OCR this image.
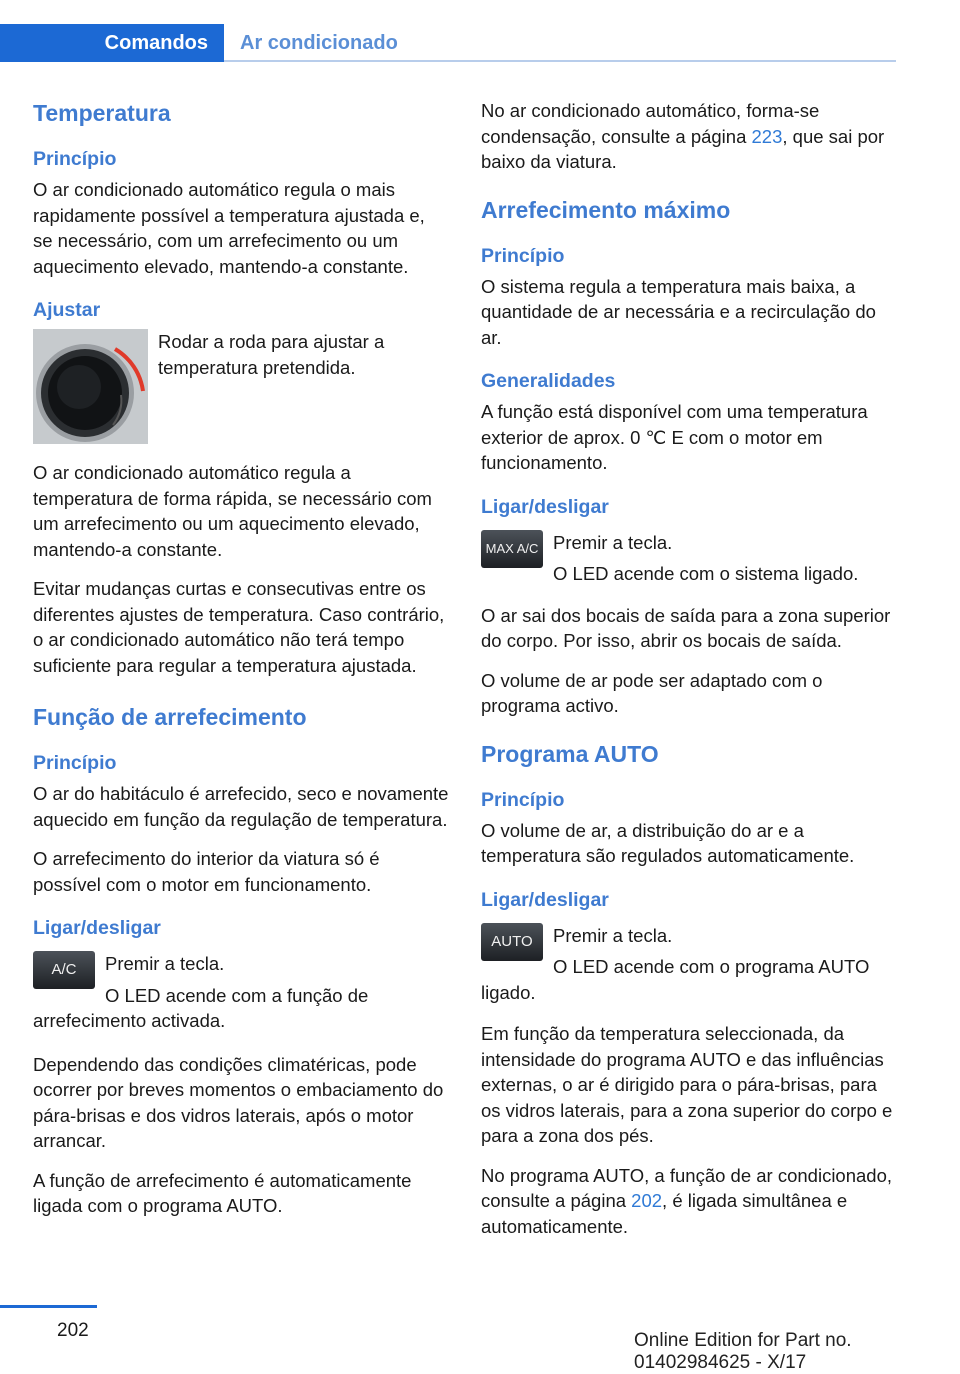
Comandos	Ar condicionado
Temperatura
Princípio
O ar condicionado automático regula o mais rapidamente possível a temperatura ajustada e, se necessário, com um arrefecimento ou um aquecimento elevado, mantendo-a constante.
Ajustar
Rodar a roda para ajustar a temperatura pretendida.
O ar condicionado automático regula a temperatura de forma rápida, se necessário com um arrefecimento ou um aquecimento elevado, mantendo-a constante.
Evitar mudanças curtas e consecutivas entre os diferentes ajustes de temperatura. Caso contrário, o ar condicionado automático não terá tempo suficiente para regular a temperatura ajustada.
Função de arrefecimento
Princípio
O ar do habitáculo é arrefecido, seco e novamente aquecido em função da regulação de temperatura.
O arrefecimento do interior da viatura só é possível com o motor em funcionamento.
Ligar/desligar
A/C	Premir a tecla.
O LED acende com a função de arrefecimento activada.
Dependendo das condições climatéricas, pode ocorrer por breves momentos o embaciamento do pára-brisas e dos vidros laterais, após o motor arrancar.
A função de arrefecimento é automaticamente ligada com o programa AUTO.
No ar condicionado automático, forma-se condensação, consulte a página 223, que sai por baixo da viatura.
Arrefecimento máximo
Princípio
O sistema regula a temperatura mais baixa, a quantidade de ar necessária e a recirculação do ar.
Generalidades
A função está disponível com uma temperatura exterior de aprox. 0 ℃ E com o motor em funcionamento.
Ligar/desligar
MAX A/C Premir a tecla.
O LED acende com o sistema ligado.
O ar sai dos bocais de saída para a zona superior do corpo. Por isso, abrir os bocais de saída.
O volume de ar pode ser adaptado com o programa activo.
Programa AUTO
Princípio
O volume de ar, a distribuição do ar e a temperatura são regulados automaticamente.
Ligar/desligar
AUTO	Premir a tecla.
O LED acende com o programa AUTO ligado.
Em função da temperatura seleccionada, da intensidade do programa AUTO e das influências externas, o ar é dirigido para o pára-brisas, para os vidros laterais, para a zona superior do corpo e para a zona dos pés.
No programa AUTO, a função de ar condicionado, consulte a página 202, é ligada simultânea e automaticamente.
202	Online Edition for Part no. 01402984625 - X/17
